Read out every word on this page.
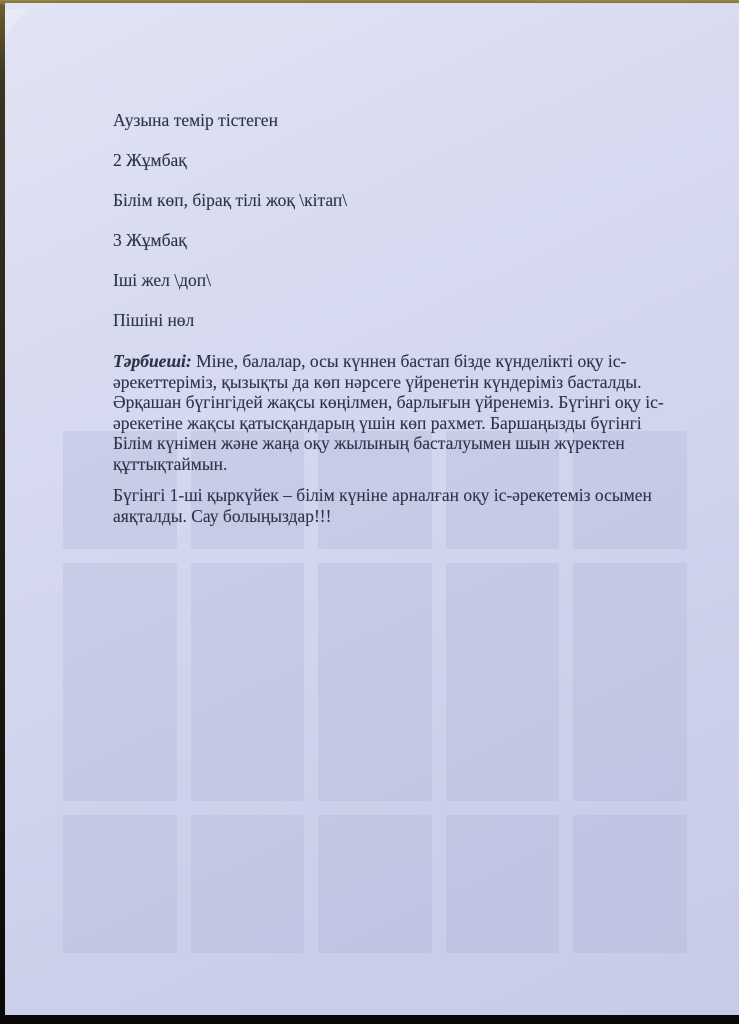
Аузына темір тістеген

2 Жұмбақ

Білім көп, бірақ тілі жоқ \кітап\

3 Жұмбақ

Іші жел \доп\

Пішіні нөл

Тәрбиеші: Міне, балалар, осы күннен бастап бізде күнделікті оқу іс-әрекеттеріміз, қызықты да көп нәрсеге үйренетін күндеріміз басталды. Әрқашан бүгінгідей жақсы көңілмен, барлығын үйренеміз. Бүгінгі оқу іс-әрекетіне жақсы қатысқандарың үшін көп рахмет. Баршаңызды бүгінгі Білім күнімен және жаңа оқу жылының басталуымен шын жүректен құттықтаймын.

Бүгінгі 1-ші қыркүйек – білім күніне арналған оқу іс-әрекетеміз осымен аяқталды. Сау болыңыздар!!!
